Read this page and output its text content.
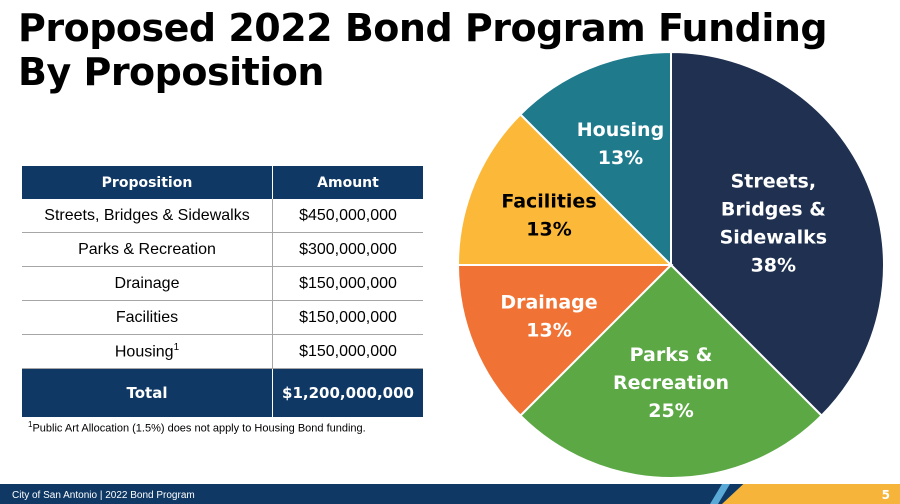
Proposed 2022 Bond Program Funding
By Proposition
Proposition	Amount
Streets, Bridges & Sidewalks	$450,000,000
Parks & Recreation	$300,000,000
Drainage	$150,000,000
Facilities	$150,000,000
Housing$^1$	$150,000,000
Total	$1,200,000,000
$^1$Public Art Allocation (1.5%) does not apply to Housing Bond funding.
Streets, Bridges & Sidewalks 38%
Parks & Recreation 25%
Drainage 13%
Facilities 13%
Housing 13%
City of San Antonio | 2022 Bond Program	5
